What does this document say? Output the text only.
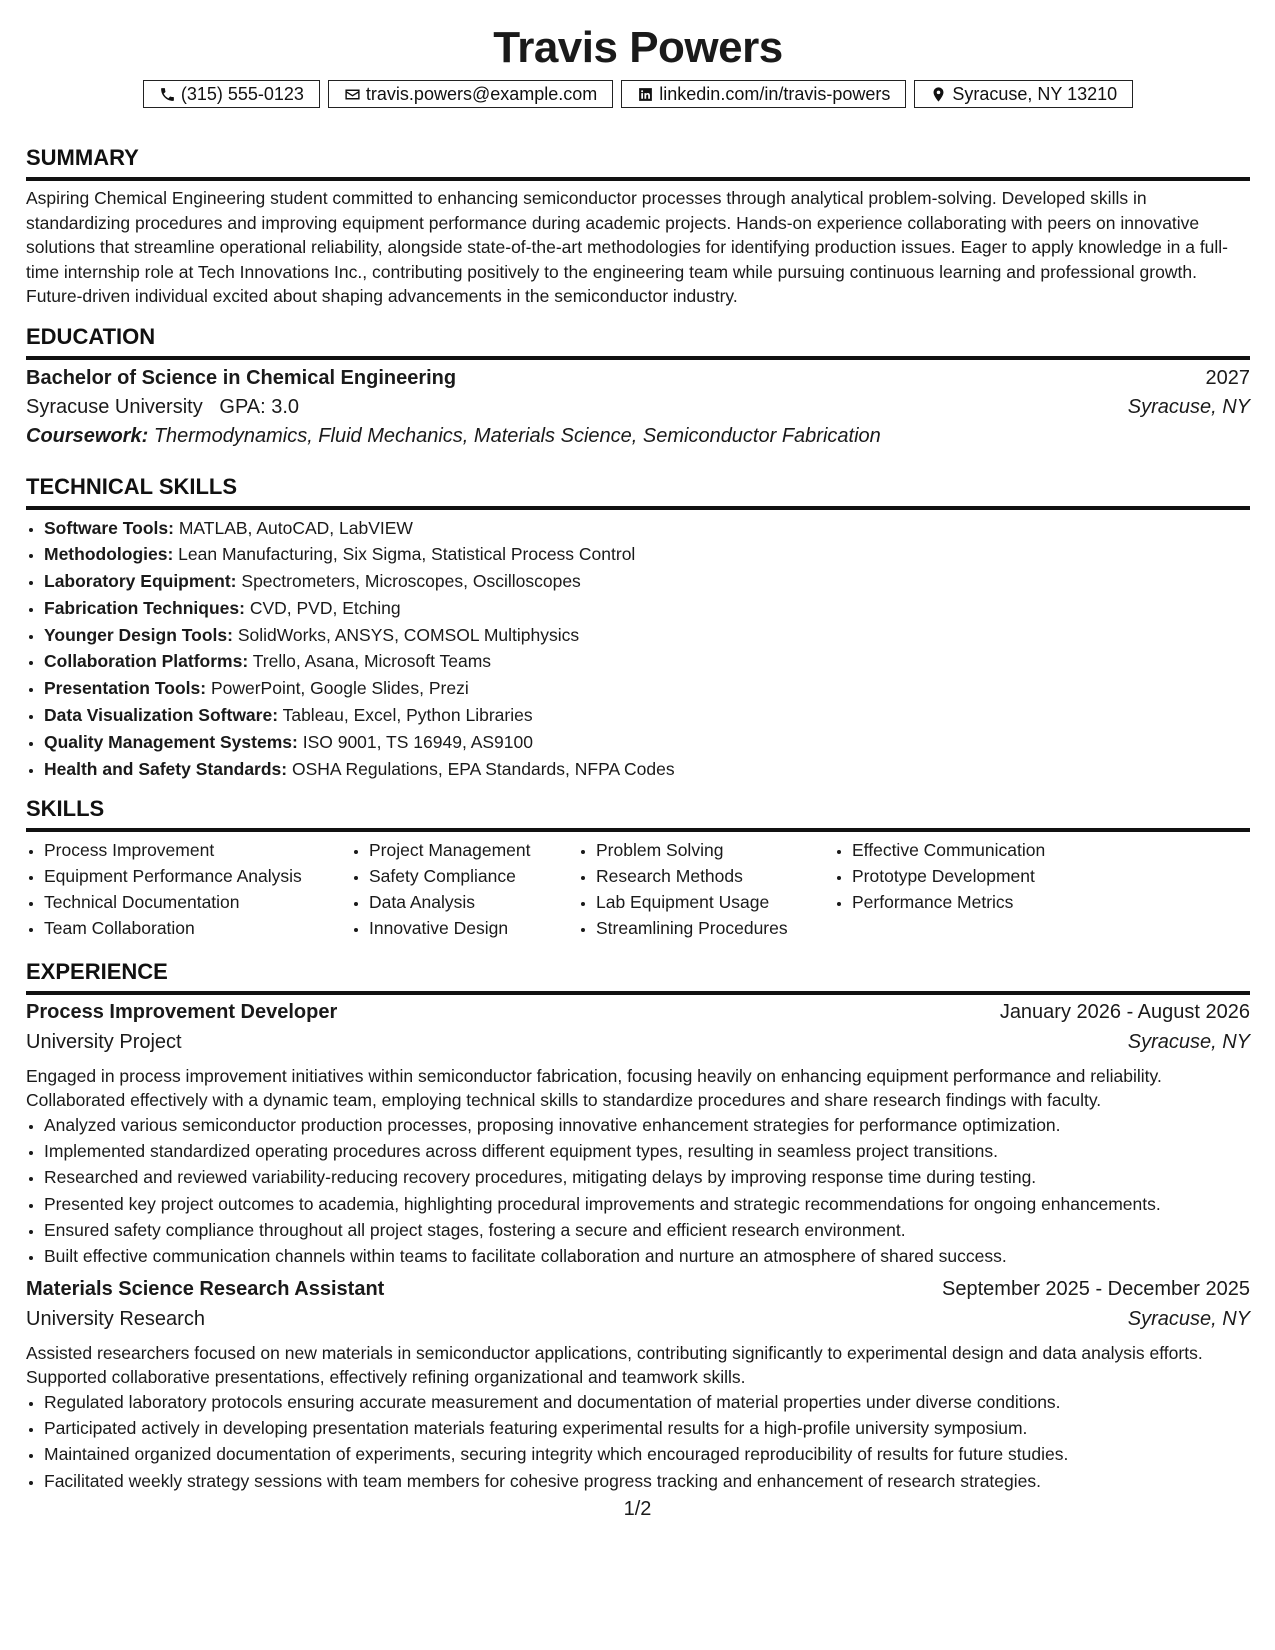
Travis Powers
(315) 555-0123	travis.powers@example.com	linkedin.com/in/travis-powers	Syracuse, NY 13210
SUMMARY

Aspiring Chemical Engineering student committed to enhancing semiconductor processes through analytical problem-solving. Developed skills in standardizing procedures and improving equipment performance during academic projects. Hands-on experience collaborating with peers on innovative solutions that streamline operational reliability, alongside state-of-the-art methodologies for identifying production issues. Eager to apply knowledge in a full-time internship role at Tech Innovations Inc., contributing positively to the engineering team while pursuing continuous learning and professional growth. Future-driven individual excited about shaping advancements in the semiconductor industry.

EDUCATION
Bachelor of Science in Chemical Engineering	2027
Syracuse University GPA: 3.0	Syracuse, NY
Coursework: Thermodynamics, Fluid Mechanics, Materials Science, Semiconductor Fabrication
TECHNICAL SKILLS
• Software Tools: MATLAB, AutoCAD, LabVIEW
• Methodologies: Lean Manufacturing, Six Sigma, Statistical Process Control
• Laboratory Equipment: Spectrometers, Microscopes, Oscilloscopes
• Fabrication Techniques: CVD, PVD, Etching
• Younger Design Tools: SolidWorks, ANSYS, COMSOL Multiphysics
• Collaboration Platforms: Trello, Asana, Microsoft Teams
• Presentation Tools: PowerPoint, Google Slides, Prezi
• Data Visualization Software: Tableau, Excel, Python Libraries
• Quality Management Systems: ISO 9001, TS 16949, AS9100
• Health and Safety Standards: OSHA Regulations, EPA Standards, NFPA Codes
SKILLS
• Process Improvement
• Equipment Performance Analysis
• Technical Documentation
• Team Collaboration
• Project Management
• Safety Compliance
• Data Analysis
• Innovative Design
• Problem Solving
• Research Methods
• Lab Equipment Usage
• Streamlining Procedures
• Effective Communication
• Prototype Development
• Performance Metrics
EXPERIENCE
Process Improvement Developer	January 2026 - August 2026
University Project	Syracuse, NY

Engaged in process improvement initiatives within semiconductor fabrication, focusing heavily on enhancing equipment performance and reliability. Collaborated effectively with a dynamic team, employing technical skills to standardize procedures and share research findings with faculty.

• Analyzed various semiconductor production processes, proposing innovative enhancement strategies for performance optimization.
• Implemented standardized operating procedures across different equipment types, resulting in seamless project transitions.
• Researched and reviewed variability-reducing recovery procedures, mitigating delays by improving response time during testing.
• Presented key project outcomes to academia, highlighting procedural improvements and strategic recommendations for ongoing enhancements.
• Ensured safety compliance throughout all project stages, fostering a secure and efficient research environment.
• Built effective communication channels within teams to facilitate collaboration and nurture an atmosphere of shared success.
Materials Science Research Assistant	September 2025 - December 2025
University Research	Syracuse, NY

Assisted researchers focused on new materials in semiconductor applications, contributing significantly to experimental design and data analysis efforts. Supported collaborative presentations, effectively refining organizational and teamwork skills.

• Regulated laboratory protocols ensuring accurate measurement and documentation of material properties under diverse conditions.
• Participated actively in developing presentation materials featuring experimental results for a high-profile university symposium.
• Maintained organized documentation of experiments, securing integrity which encouraged reproducibility of results for future studies.
• Facilitated weekly strategy sessions with team members for cohesive progress tracking and enhancement of research strategies.
1/2
